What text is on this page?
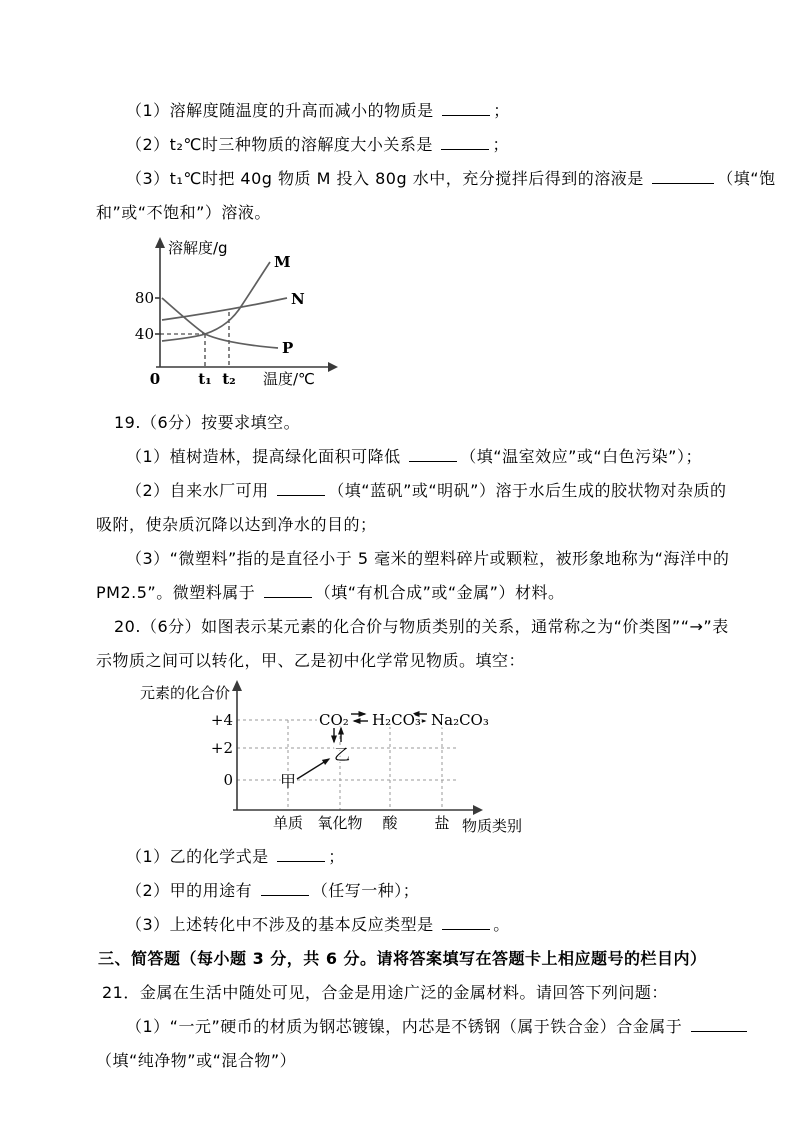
（1）溶解度随温度的升高而减小的物质是	；

（2）t₂℃时三种物质的溶解度大小关系是	；

（3）t₁℃时把 40g 物质 M 投入 80g 水中，充分搅拌后得到的溶液是	（填“饱

和”或“不饱和”）溶液。

溶解度/g
80
40
M
N
P
0	t₁ t₂ 温度/℃

19.（6分）按要求填空。

（1）植树造林，提高绿化面积可降低	（填“温室效应”或“白色污染”）；

（2）自来水厂可用	（填“蓝矾”或“明矾”）溶于水后生成的胶状物对杂质的

吸附，使杂质沉降以达到净水的目的；

（3）“微塑料”指的是直径小于 5 毫米的塑料碎片或颗粒，被形象地称为“海洋中的

PM2.5”。微塑料属于	（填“有机合成”或“金属”）材料。

20.（6分）如图表示某元素的化合价与物质类别的关系，通常称之为“价类图”“→”表

示物质之间可以转化，甲、乙是初中化学常见物质。填空：

元素的化合价
+4
+2
0
CO₂ H₂CO₃ Na₂CO₃
乙
甲
单质 氧化物 酸 盐 物质类别

（1）乙的化学式是	；

（2）甲的用途有	（任写一种）；

（3）上述转化中不涉及的基本反应类型是	。

三、简答题（每小题 3 分，共 6 分。请将答案填写在答题卡上相应题号的栏目内）

21．金属在生活中随处可见，合金是用途广泛的金属材料。请回答下列问题：

（1）“一元”硬币的材质为钢芯镀镍，内芯是不锈钢（属于铁合金）合金属于

（填“纯净物”或“混合物”）
